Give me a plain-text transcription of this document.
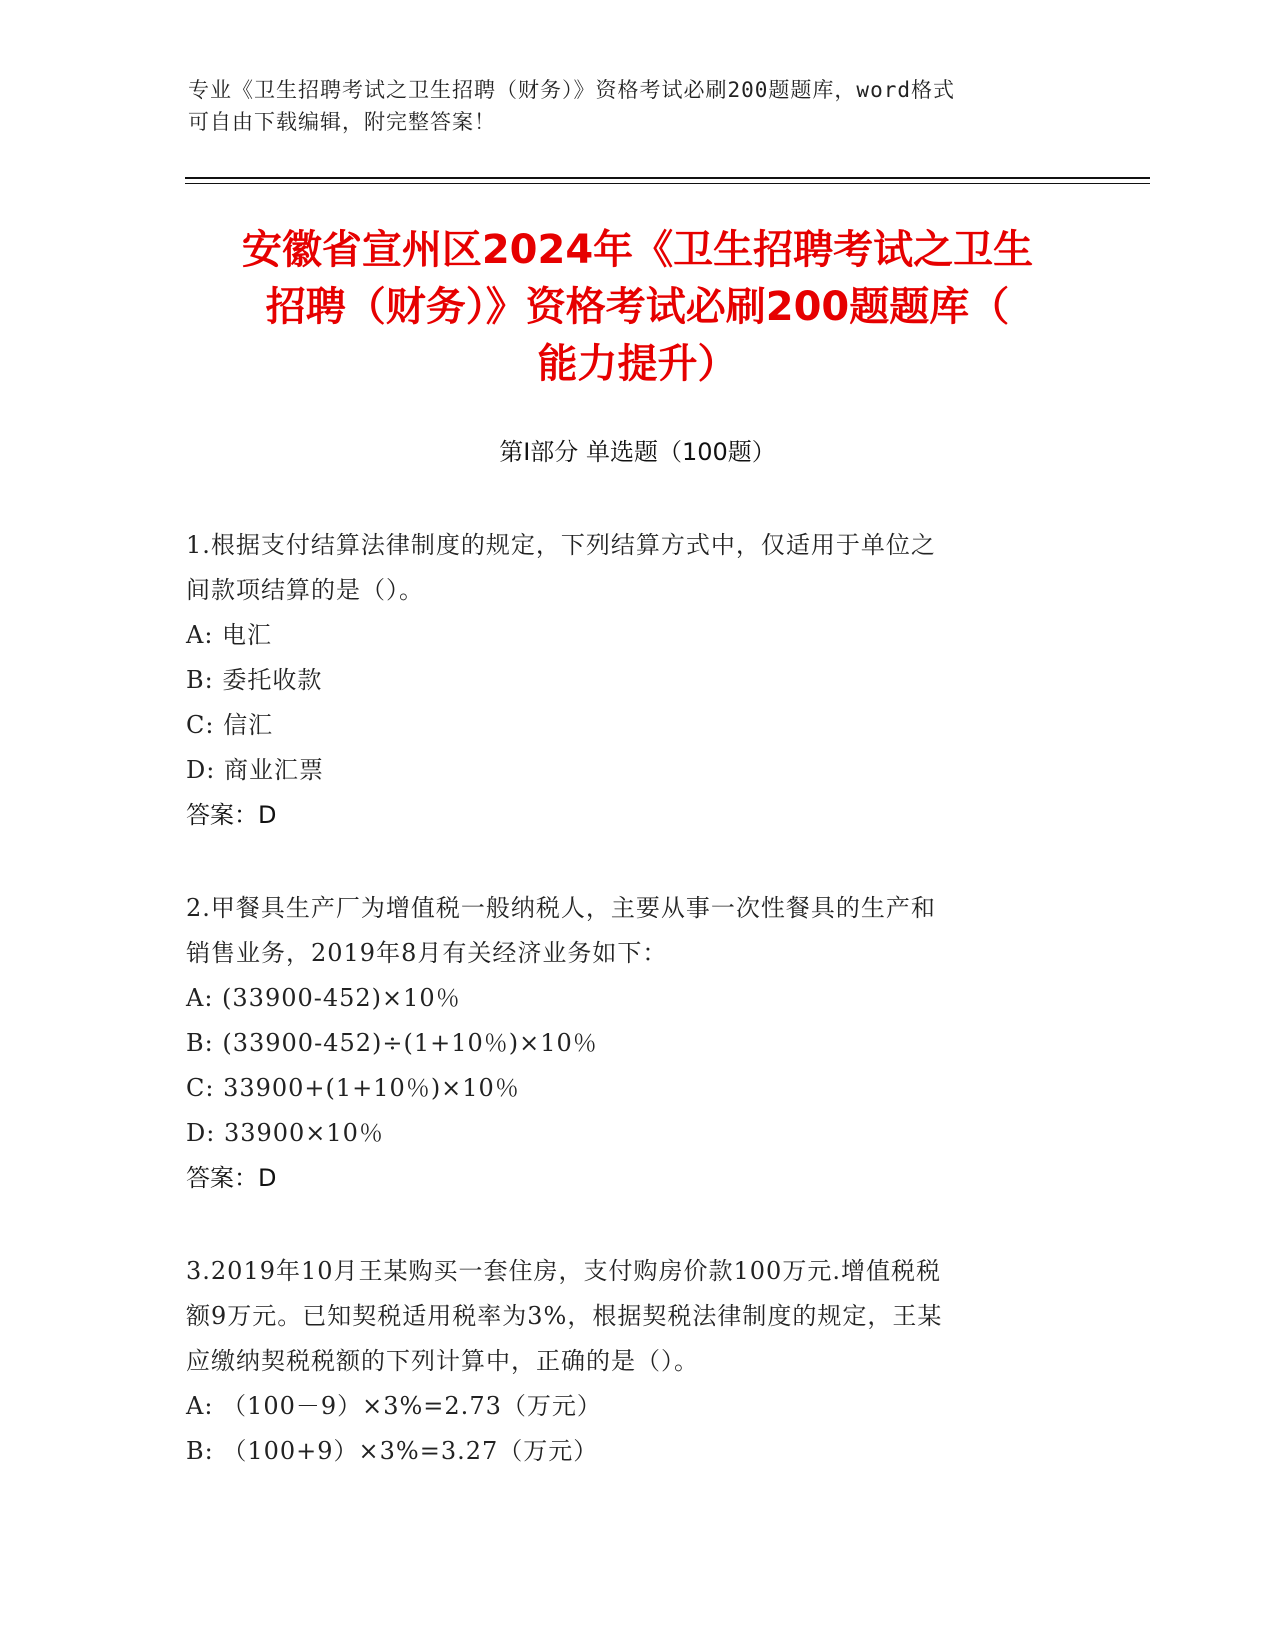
专业《卫生招聘考试之卫生招聘（财务）》资格考试必刷200题题库，word格式
可自由下载编辑，附完整答案！
安徽省宣州区2024年《卫生招聘考试之卫生
招聘（财务）》资格考试必刷200题题库（
能力提升）
第Ⅰ部分 单选题（100题）
1.根据支付结算法律制度的规定，下列结算方式中，仅适用于单位之
间款项结算的是（）。
A: 电汇
B: 委托收款
C: 信汇
D: 商业汇票
答案：D
2.甲餐具生产厂为增值税一般纳税人，主要从事一次性餐具的生产和
销售业务，2019年8月有关经济业务如下：
A: (33900-452)×10％
B: (33900-452)÷(1+10％)×10％
C: 33900+(1+10％)×10％
D: 33900×10％
答案：D
3.2019年10月王某购买一套住房，支付购房价款100万元.增值税税
额9万元。已知契税适用税率为3%，根据契税法律制度的规定，王某
应缴纳契税税额的下列计算中，正确的是（）。
A: （100－9）×3%=2.73（万元）
B: （100+9）×3%=3.27（万元）
